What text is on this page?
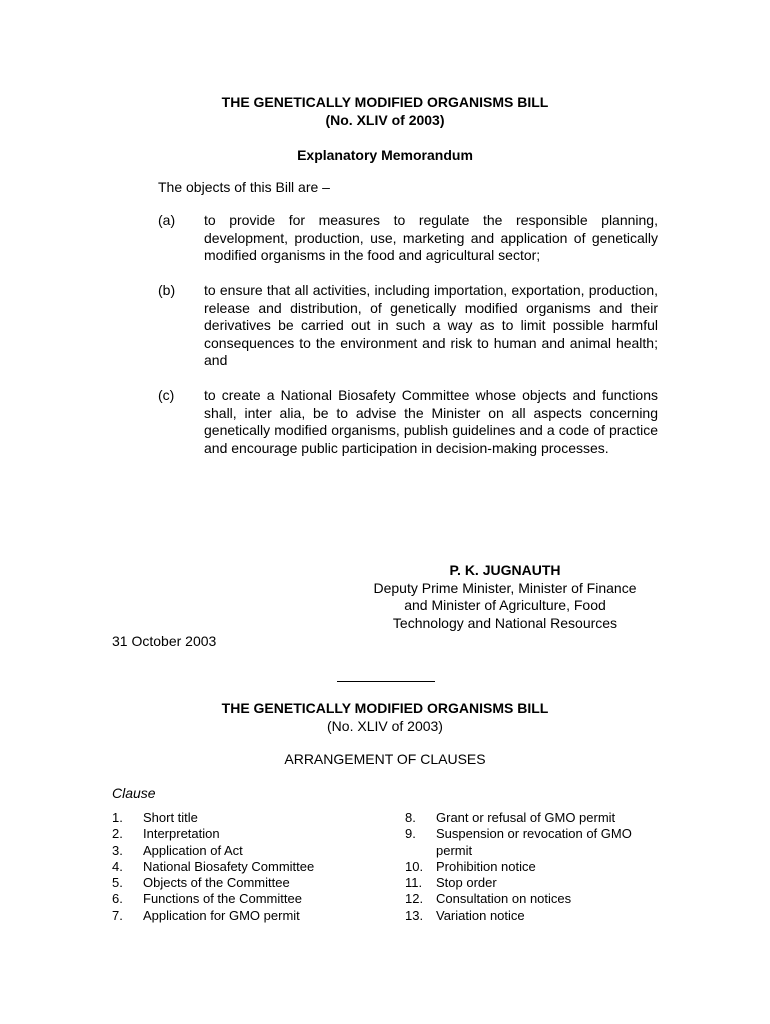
THE GENETICALLY MODIFIED ORGANISMS BILL
(No. XLIV of 2003)
Explanatory Memorandum
The objects of this Bill are –
(a) to provide for measures to regulate the responsible planning, development, production, use, marketing and application of genetically modified organisms in the food and agricultural sector;
(b) to ensure that all activities, including importation, exportation, production, release and distribution, of genetically modified organisms and their derivatives be carried out in such a way as to limit possible harmful consequences to the environment and risk to human and animal health; and
(c) to create a National Biosafety Committee whose objects and functions shall, inter alia, be to advise the Minister on all aspects concerning genetically modified organisms, publish guidelines and a code of practice and encourage public participation in decision-making processes.
P. K. JUGNAUTH
Deputy Prime Minister, Minister of Finance
and Minister of Agriculture, Food
Technology and National Resources
31 October 2003
THE GENETICALLY MODIFIED ORGANISMS BILL
(No. XLIV of 2003)
ARRANGEMENT OF CLAUSES
Clause
1.	Short title
2.	Interpretation
3.	Application of Act
4.	National Biosafety Committee
5.	Objects of the Committee
6.	Functions of the Committee
7.	Application for GMO permit
8.	Grant or refusal of GMO permit
9.	Suspension or revocation of GMO
permit
10. Prohibition notice
11.	Stop order
12. Consultation on notices
13. Variation notice
